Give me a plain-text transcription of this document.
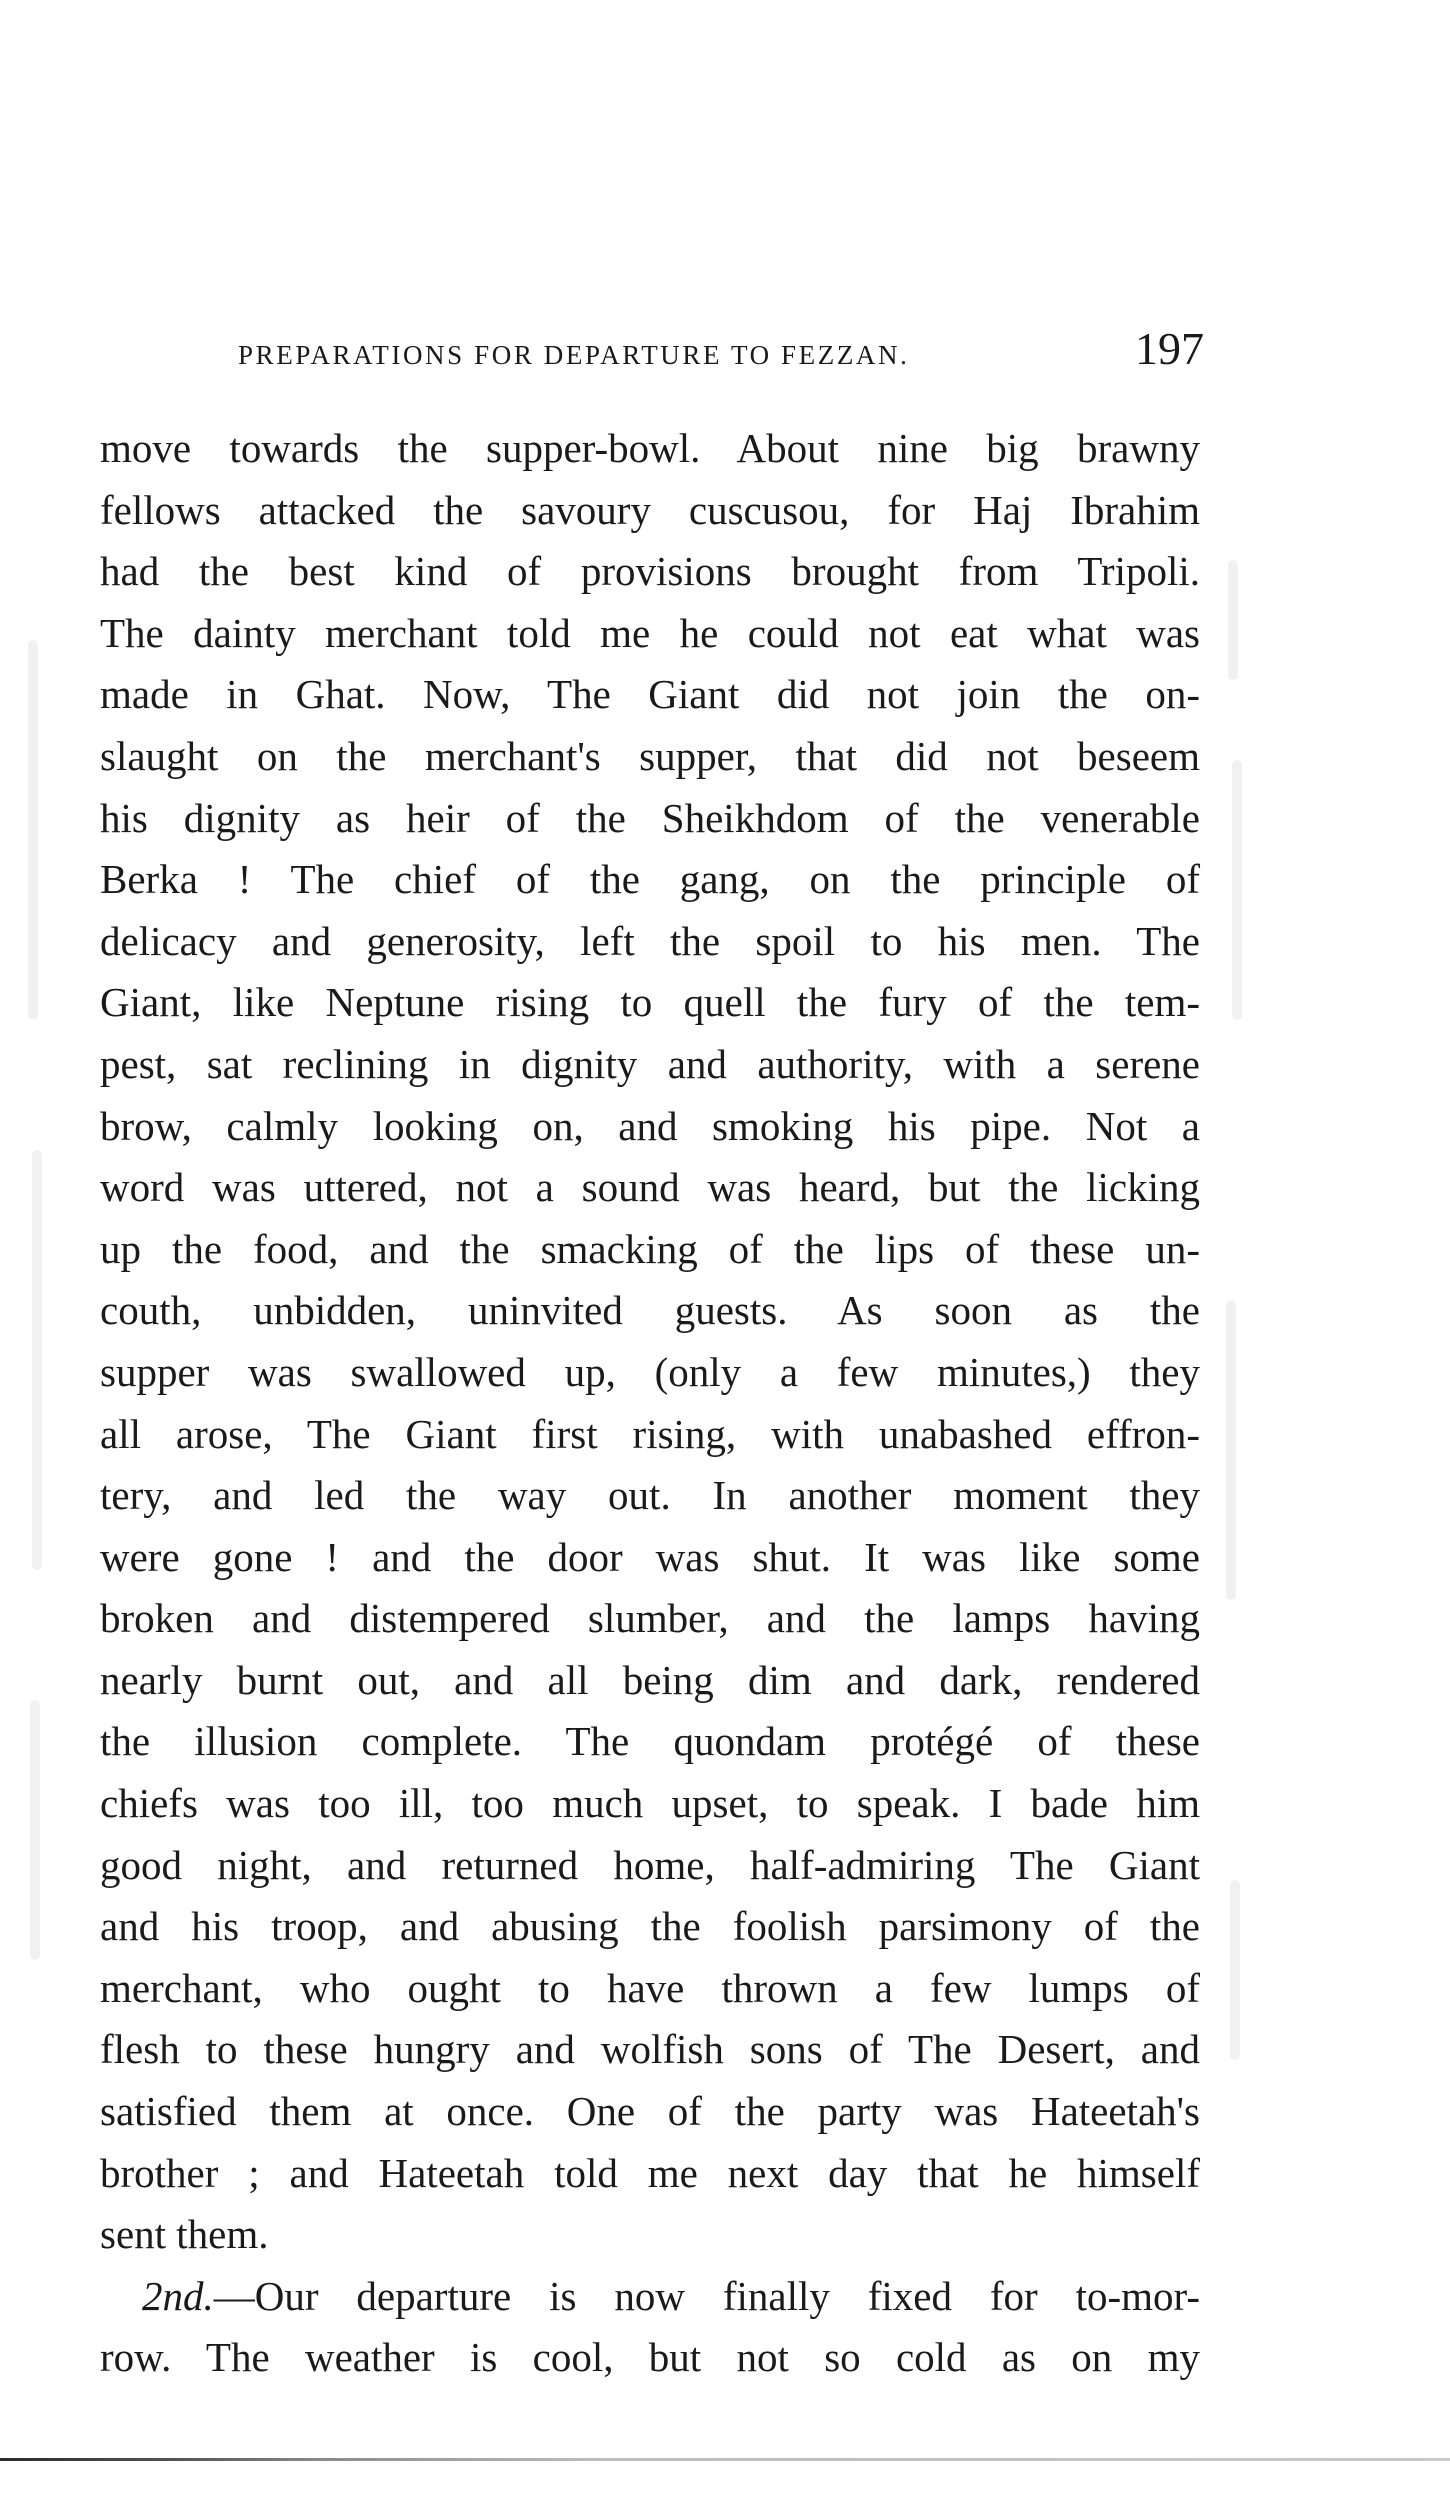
PREPARATIONS FOR DEPARTURE TO FEZZAN.	197
move towards the supper-bowl. About nine big brawny
fellows attacked the savoury cuscusou, for Haj Ibrahim
had the best kind of provisions brought from Tripoli.
The dainty merchant told me he could not eat what was
made in Ghat. Now, The Giant did not join the on-
slaught on the merchant's supper, that did not beseem
his dignity as heir of the Sheikhdom of the venerable
Berka ! The chief of the gang, on the principle of
delicacy and generosity, left the spoil to his men. The
Giant, like Neptune rising to quell the fury of the tem-
pest, sat reclining in dignity and authority, with a serene
brow, calmly looking on, and smoking his pipe. Not a
word was uttered, not a sound was heard, but the licking
up the food, and the smacking of the lips of these un-
couth, unbidden, uninvited guests. As soon as the
supper was swallowed up, (only a few minutes,) they
all arose, The Giant first rising, with unabashed effron-
tery, and led the way out. In another moment they
were gone ! and the door was shut. It was like some
broken and distempered slumber, and the lamps having
nearly burnt out, and all being dim and dark, rendered
the illusion complete. The quondam protégé of these
chiefs was too ill, too much upset, to speak. I bade him
good night, and returned home, half-admiring The Giant
and his troop, and abusing the foolish parsimony of the
merchant, who ought to have thrown a few lumps of
flesh to these hungry and wolfish sons of The Desert, and
satisfied them at once. One of the party was Hateetah's
brother ; and Hateetah told me next day that he himself
sent them.
2nd.—Our departure is now finally fixed for to-mor-
row. The weather is cool, but not so cold as on my
